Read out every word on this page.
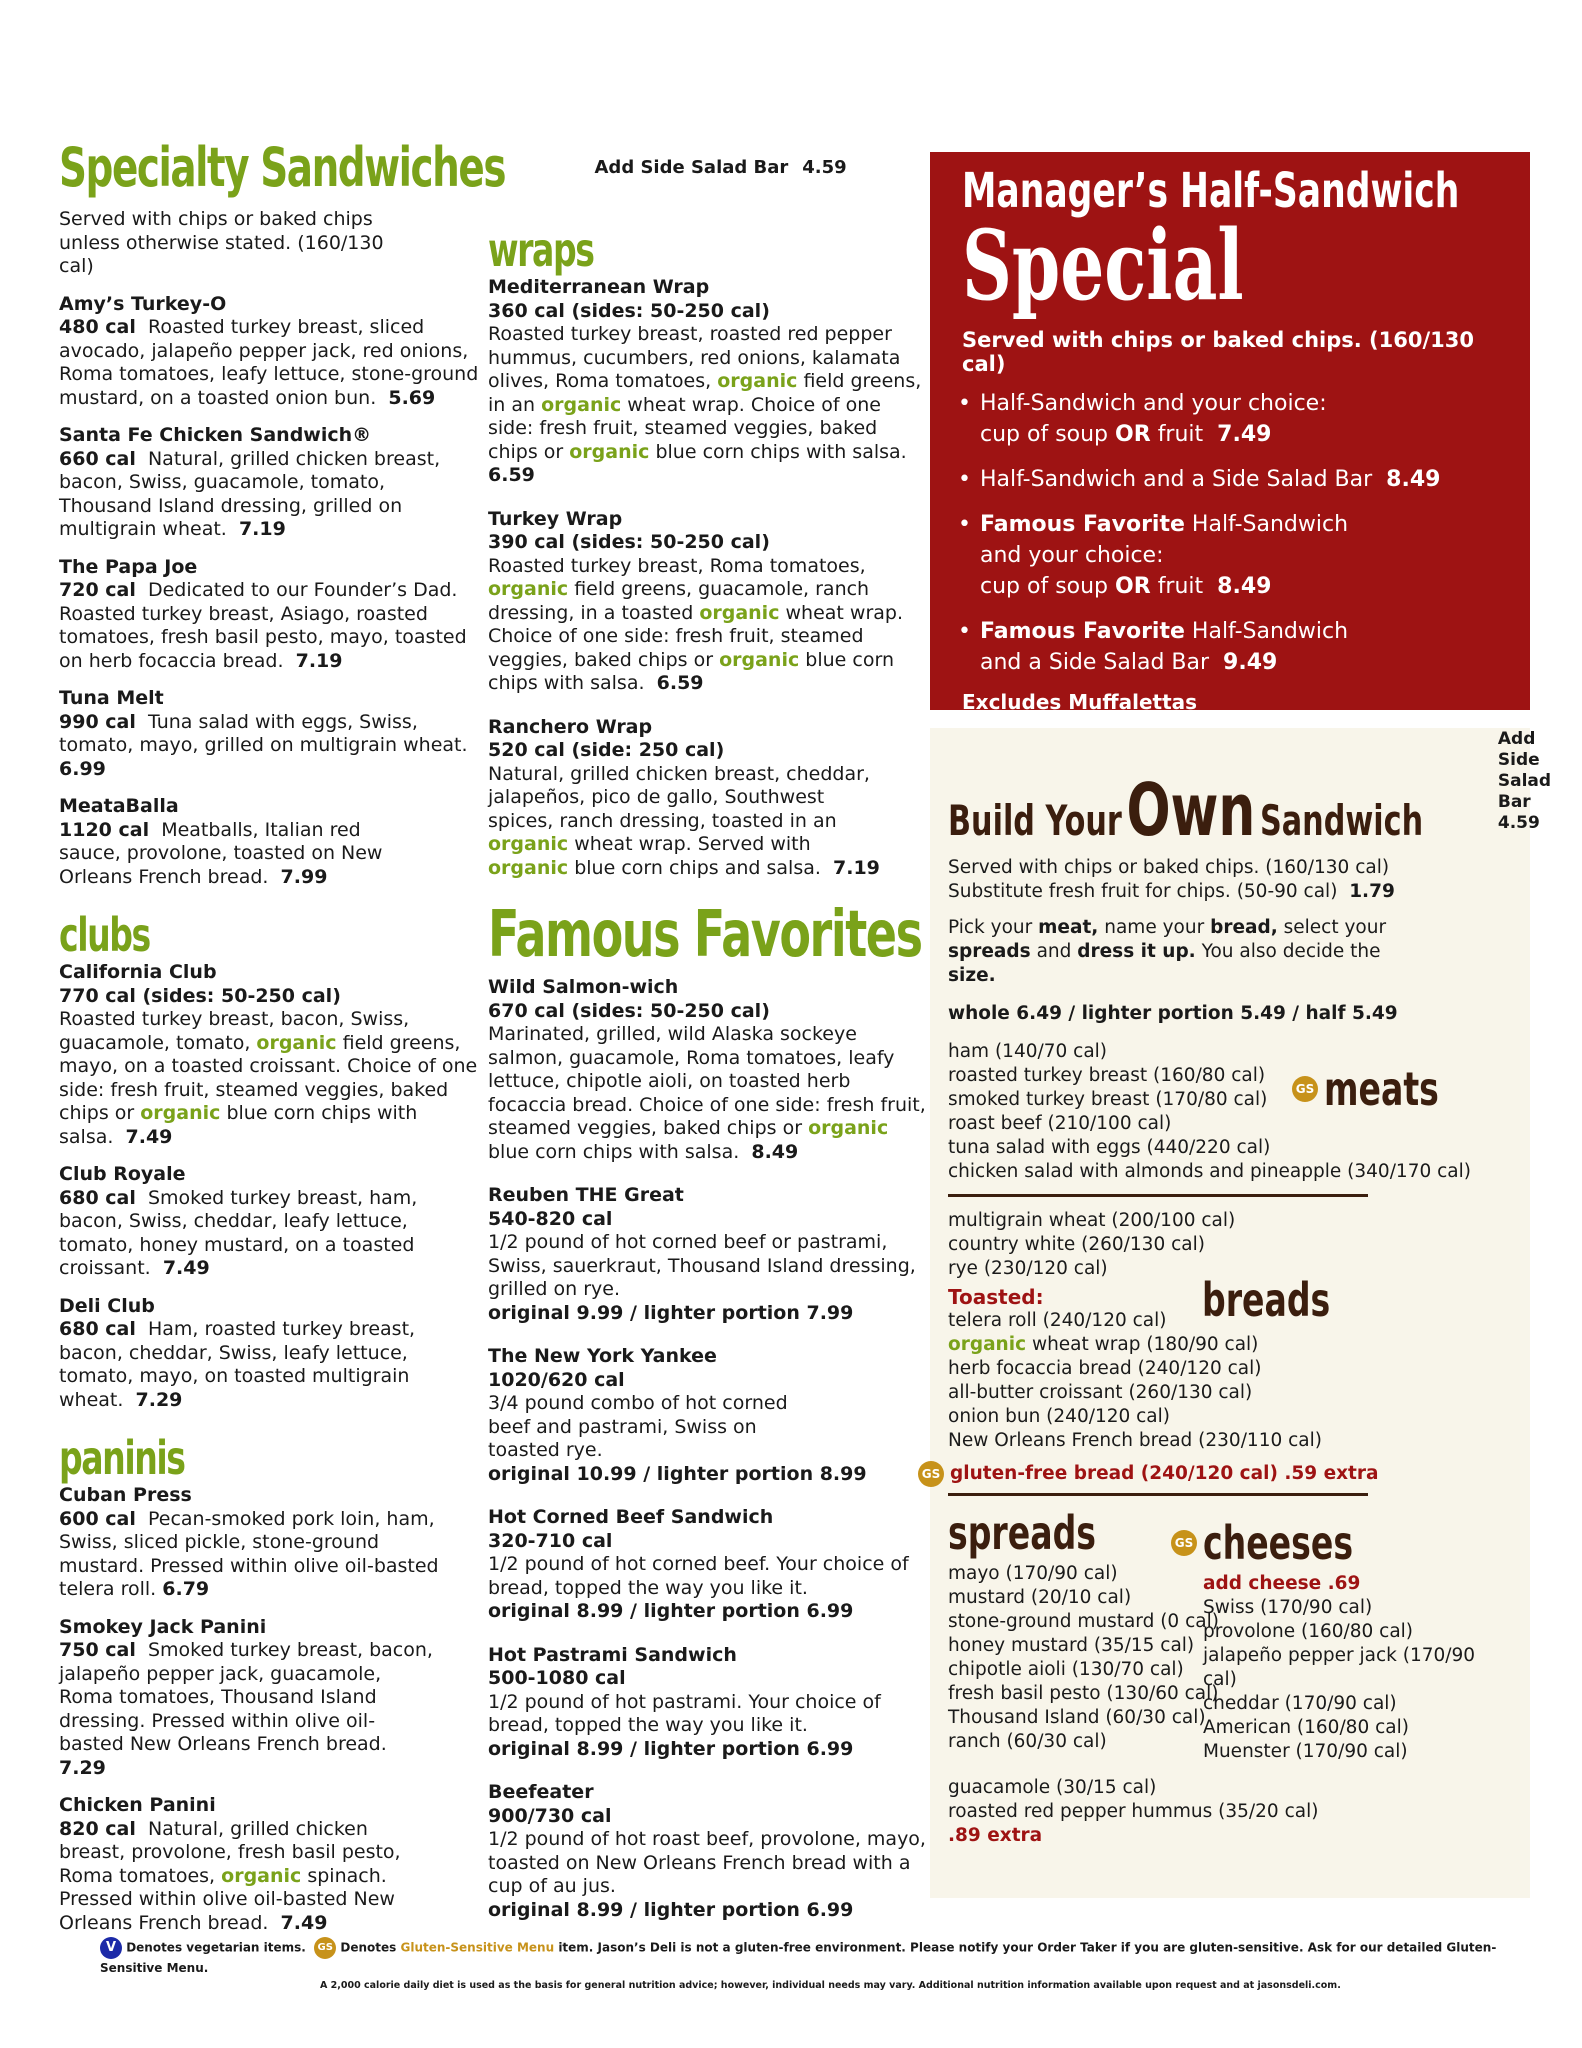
Specialty Sandwiches	Add Side Salad Bar 4.59
Served with chips or baked chips unless otherwise stated. (160/130 cal)
Amy’s Turkey-O
480 cal Roasted turkey breast, sliced avocado, jalapeño pepper jack, red onions, Roma tomatoes, leafy lettuce, stone-ground mustard, on a toasted onion bun. 5.69
Santa Fe Chicken Sandwich®
660 cal Natural, grilled chicken breast, bacon, Swiss, guacamole, tomato, Thousand Island dressing, grilled on multigrain wheat. 7.19
The Papa Joe
720 cal Dedicated to our Founder’s Dad. Roasted turkey breast, Asiago, roasted tomatoes, fresh basil pesto, mayo, toasted on herb focaccia bread. 7.19
Tuna Melt
990 cal Tuna salad with eggs, Swiss, tomato, mayo, grilled on multigrain wheat.  6.99
MeataBalla
1120 cal Meatballs, Italian red sauce, provolone, toasted on New Orleans French bread. 7.99
clubs
California Club
770 cal (sides: 50-250 cal)
Roasted turkey breast, bacon, Swiss, guacamole, tomato, organic field greens, mayo, on a toasted croissant. Choice of one side: fresh fruit, steamed veggies, baked chips or organic blue corn chips with salsa. 7.49
Club Royale
680 cal Smoked turkey breast, ham, bacon, Swiss, cheddar, leafy lettuce, tomato, honey mustard, on a toasted croissant. 7.49
Deli Club
680 cal Ham, roasted turkey breast, bacon, cheddar, Swiss, leafy lettuce, tomato, mayo, on toasted multigrain wheat. 7.29
paninis
Cuban Press
600 cal Pecan-smoked pork loin, ham, Swiss, sliced pickle, stone-ground mustard. Pressed within olive oil-basted telera roll. 6.79
Smokey Jack Panini
750 cal Smoked turkey breast, bacon, jalapeño pepper jack, guacamole, Roma tomatoes, Thousand Island dressing. Pressed within olive oil-basted New Orleans French bread.  7.29
Chicken Panini
820 cal Natural, grilled chicken breast, provolone, fresh basil pesto, Roma tomatoes, organic spinach. Pressed within olive oil-basted New Orleans French bread. 7.49
wraps
Mediterranean Wrap
360 cal (sides: 50-250 cal)
Roasted turkey breast, roasted red pepper hummus, cucumbers, red onions, kalamata olives, Roma tomatoes, organic field greens, in an organic wheat wrap. Choice of one side: fresh fruit, steamed veggies, baked chips or organic blue corn chips with salsa.  6.59
Turkey Wrap
390 cal (sides: 50-250 cal)
Roasted turkey breast, Roma tomatoes, organic field greens, guacamole, ranch dressing, in a toasted organic wheat wrap. Choice of one side: fresh fruit, steamed veggies, baked chips or organic blue corn chips with salsa. 6.59
Ranchero Wrap
520 cal (side: 250 cal)
Natural, grilled chicken breast, cheddar, jalapeños, pico de gallo, Southwest spices, ranch dressing, toasted in an organic wheat wrap. Served with organic blue corn chips and salsa. 7.19
Famous Favorites
Wild Salmon-wich
670 cal (sides: 50-250 cal)
Marinated, grilled, wild Alaska sockeye salmon, guacamole, Roma tomatoes, leafy lettuce, chipotle aioli, on toasted herb focaccia bread. Choice of one side: fresh fruit, steamed veggies, baked chips or organic blue corn chips with salsa. 8.49
Reuben THE Great
540-820 cal
1/2 pound of hot corned beef or pastrami, Swiss, sauerkraut, Thousand Island dressing, grilled on rye.
original 9.99 / lighter portion 7.99
The New York Yankee
1020/620 cal
3/4 pound combo of hot corned beef and pastrami, Swiss on toasted rye.
original 10.99 / lighter portion 8.99
Hot Corned Beef Sandwich
320-710 cal
1/2 pound of hot corned beef. Your choice of bread, topped the way you like it.
original 8.99 / lighter portion 6.99
Hot Pastrami Sandwich
500-1080 cal
1/2 pound of hot pastrami. Your choice of bread, topped the way you like it.
original 8.99 / lighter portion 6.99
Beefeater
900/730 cal
1/2 pound of hot roast beef, provolone, mayo, toasted on New Orleans French bread with a cup of au jus.
original 8.99 / lighter portion 6.99
Manager’s Half-Sandwich
Special
Served with chips or baked chips. (160/130 cal)
• Half-Sandwich and your choice:
cup of soup OR fruit 7.49
• Half-Sandwich and a Side Salad Bar 8.49
• Famous Favorite Half-Sandwich
and your choice:
cup of soup OR fruit 8.49
• Famous Favorite Half-Sandwich
and a Side Salad Bar 9.49
Excludes Muffalettas
Build Your Own Sandwich
Add Side Salad Bar
4.59
Served with chips or baked chips. (160/130 cal)
Substitute fresh fruit for chips. (50-90 cal) 1.79
Pick your meat, name your bread, select your spreads and dress it up. You also decide the size.
whole 6.49 / lighter portion 5.49 / half 5.49
ham (140/70 cal)
roasted turkey breast (160/80 cal)
smoked turkey breast (170/80 cal)
roast beef (210/100 cal)
tuna salad with eggs (440/220 cal)
chicken salad with almonds and pineapple (340/170 cal)
GS meats
multigrain wheat (200/100 cal)
country white (260/130 cal)
rye (230/120 cal)
Toasted:
telera roll (240/120 cal)
organic wheat wrap (180/90 cal)
herb focaccia bread (240/120 cal)
all-butter croissant (260/130 cal)
onion bun (240/120 cal)
New Orleans French bread (230/110 cal)
breads
GS gluten-free bread (240/120 cal) .59 extra
spreads
mayo (170/90 cal)
mustard (20/10 cal)
stone-ground mustard (0 cal)
honey mustard (35/15 cal)
chipotle aioli (130/70 cal)
fresh basil pesto (130/60 cal)
Thousand Island (60/30 cal)
ranch (60/30 cal)
guacamole (30/15 cal)
roasted red pepper hummus (35/20 cal)
.89 extra
GS cheeses
add cheese .69
Swiss (170/90 cal)
provolone (160/80 cal)
jalapeño pepper jack (170/90 cal)
cheddar (170/90 cal)
American (160/80 cal)
Muenster (170/90 cal)
V Denotes vegetarian items. GS Denotes Gluten-Sensitive Menu item. Jason’s Deli is not a gluten-free environment. Please notify your Order Taker if you are gluten-sensitive. Ask for our detailed Gluten-Sensitive Menu.
A 2,000 calorie daily diet is used as the basis for general nutrition advice; however, individual needs may vary. Additional nutrition information available upon request and at jasonsdeli.com.
